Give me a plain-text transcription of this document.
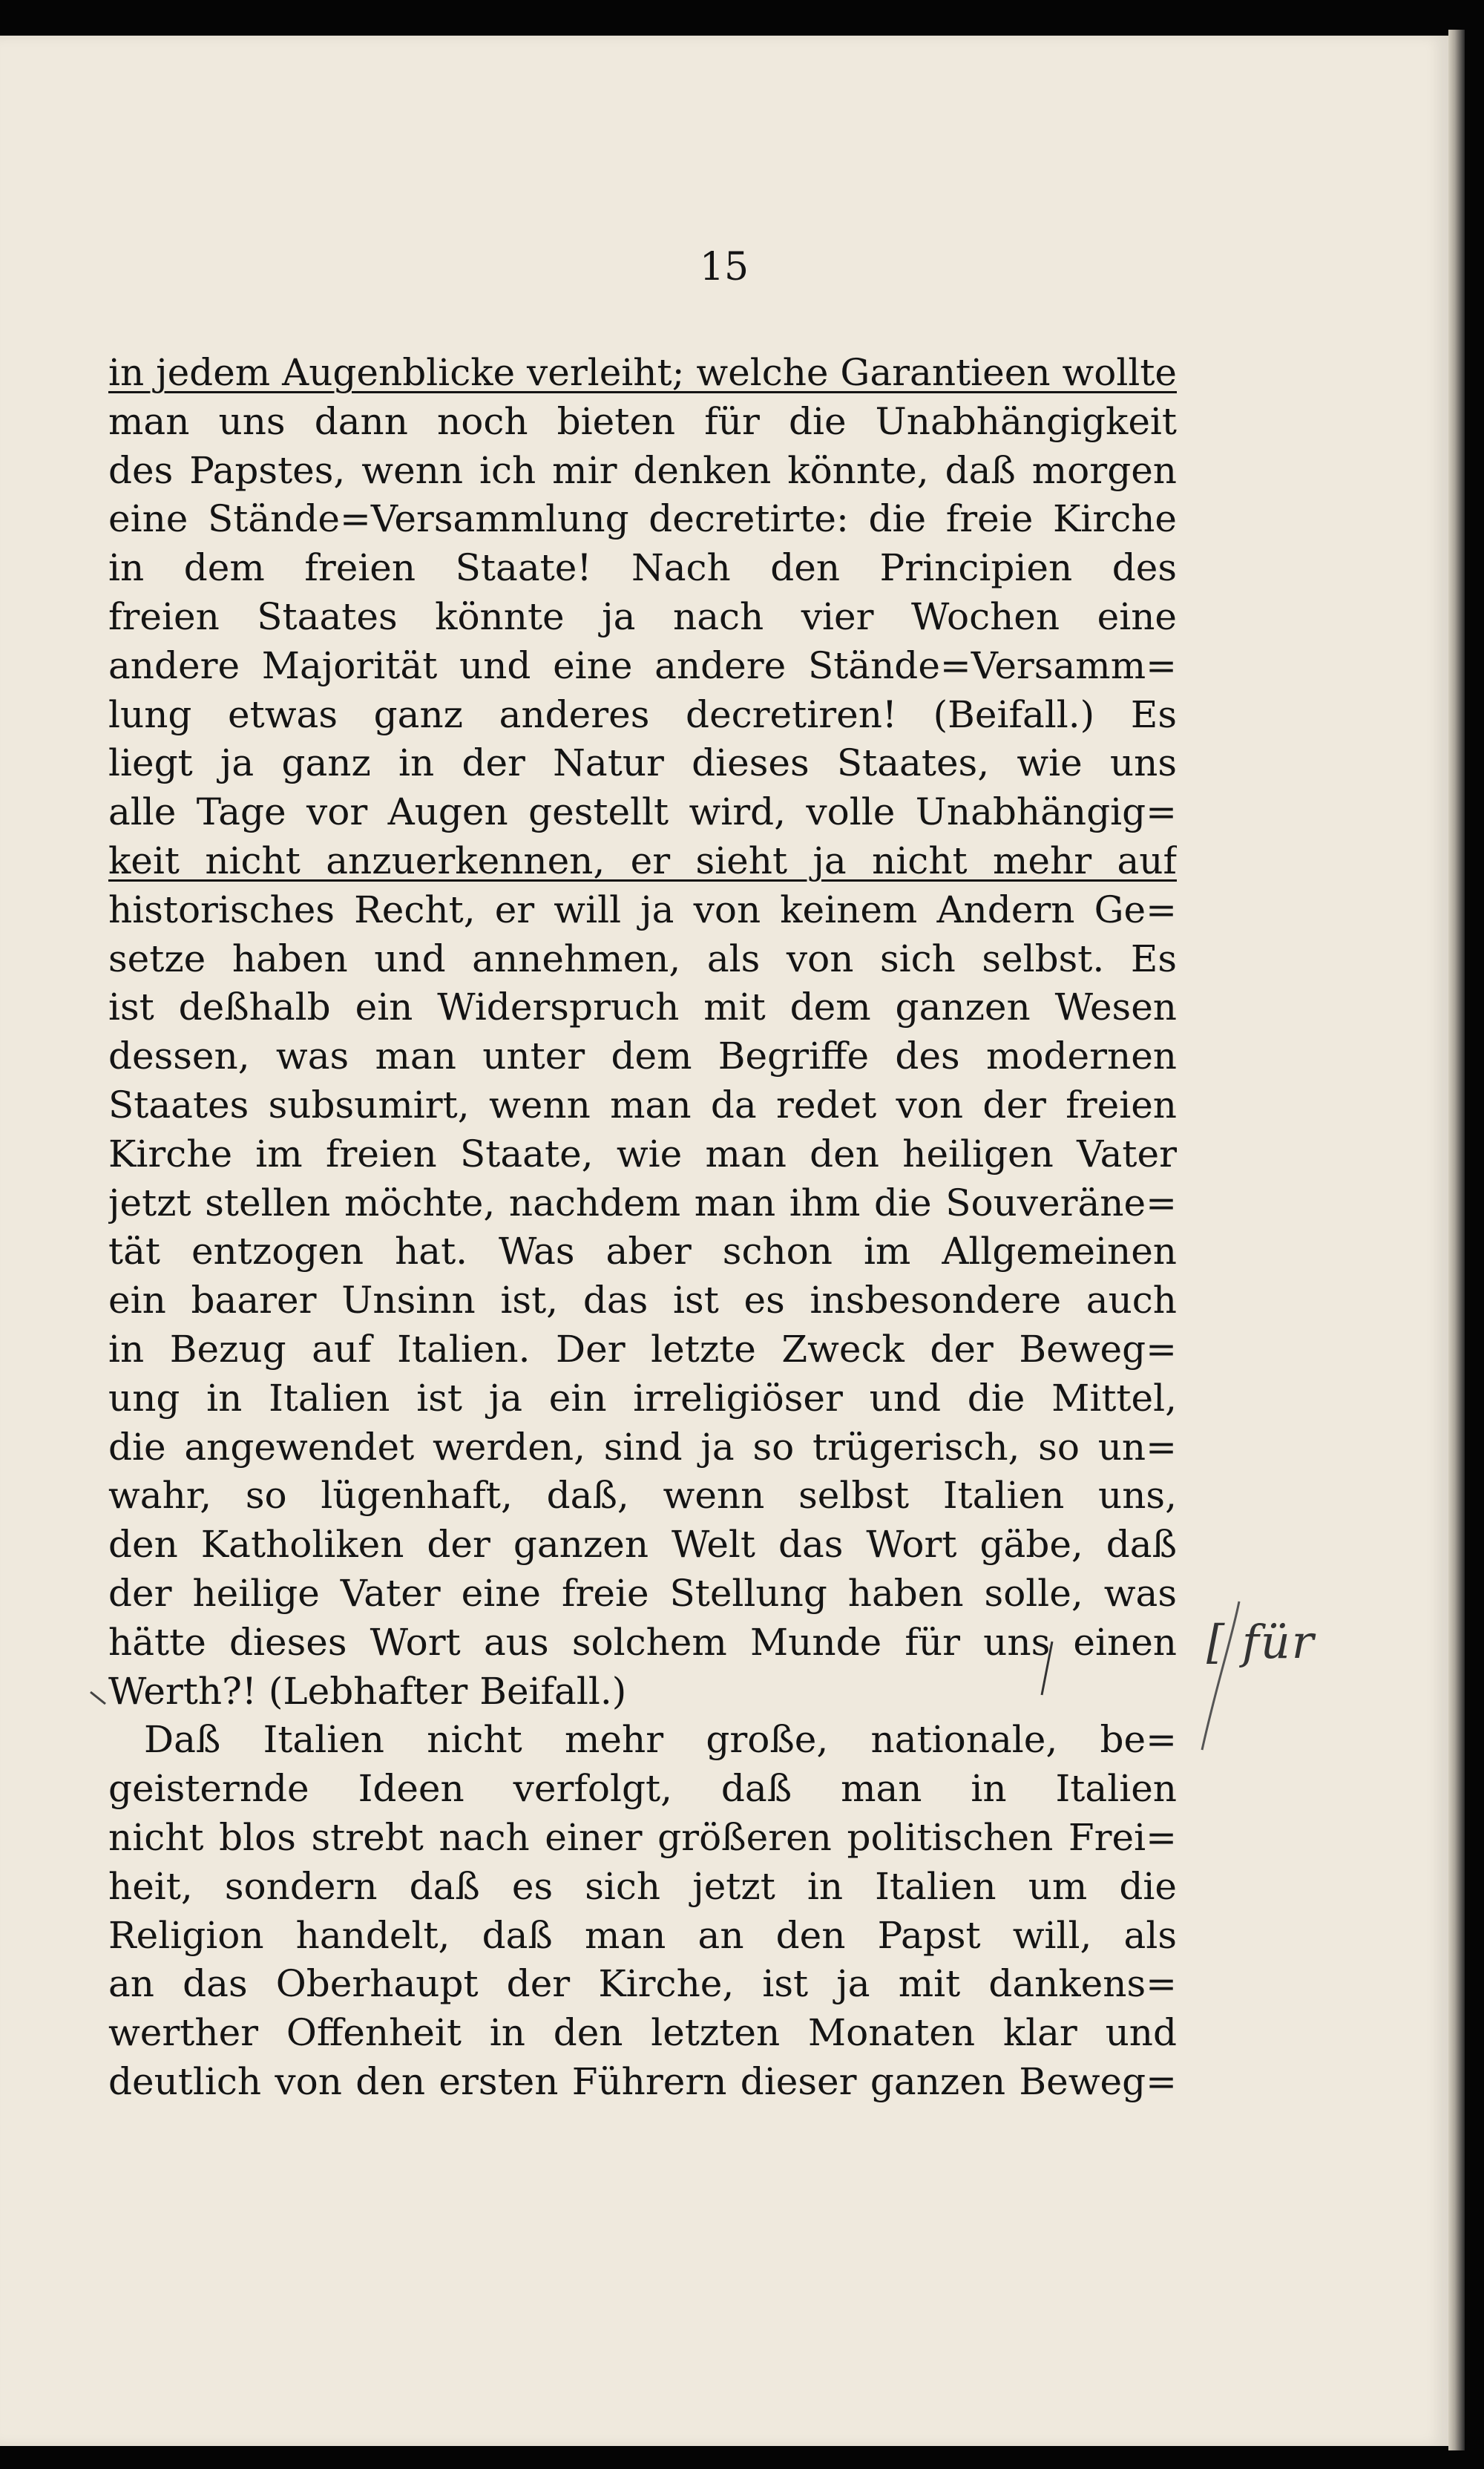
15
in jedem Augenblicke verleiht; welche Garantieen wollte
man uns dann noch bieten für die Unabhängigkeit
des Papstes, wenn ich mir denken könnte, daß morgen
eine Stände=Versammlung decretirte: die freie Kirche
in dem freien Staate! Nach den Principien des
freien Staates könnte ja nach vier Wochen eine
andere Majorität und eine andere Stände=Versamm=
lung etwas ganz anderes decretiren! (Beifall.) Es
liegt ja ganz in der Natur dieses Staates, wie uns
alle Tage vor Augen gestellt wird, volle Unabhängig=
keit nicht anzuerkennen, er sieht ja nicht mehr auf
historisches Recht, er will ja von keinem Andern Ge=
setze haben und annehmen, als von sich selbst. Es
ist deßhalb ein Widerspruch mit dem ganzen Wesen
dessen, was man unter dem Begriffe des modernen
Staates subsumirt, wenn man da redet von der freien
Kirche im freien Staate, wie man den heiligen Vater
jetzt stellen möchte, nachdem man ihm die Souveräne=
tät entzogen hat. Was aber schon im Allgemeinen
ein baarer Unsinn ist, das ist es insbesondere auch
in Bezug auf Italien. Der letzte Zweck der Beweg=
ung in Italien ist ja ein irreligiöser und die Mittel,
die angewendet werden, sind ja so trügerisch, so un=
wahr, so lügenhaft, daß, wenn selbst Italien uns,
den Katholiken der ganzen Welt das Wort gäbe, daß
der heilige Vater eine freie Stellung haben solle, was
hätte dieses Wort aus solchem Munde für uns einen
Werth?! (Lebhafter Beifall.)
Daß Italien nicht mehr große, nationale, be=
geisternde Ideen verfolgt, daß man in Italien
nicht blos strebt nach einer größeren politischen Frei=
heit, sondern daß es sich jetzt in Italien um die
Religion handelt, daß man an den Papst will, als
an das Oberhaupt der Kirche, ist ja mit dankens=
werther Offenheit in den letzten Monaten klar und
deutlich von den ersten Führern dieser ganzen Beweg=
[ für
